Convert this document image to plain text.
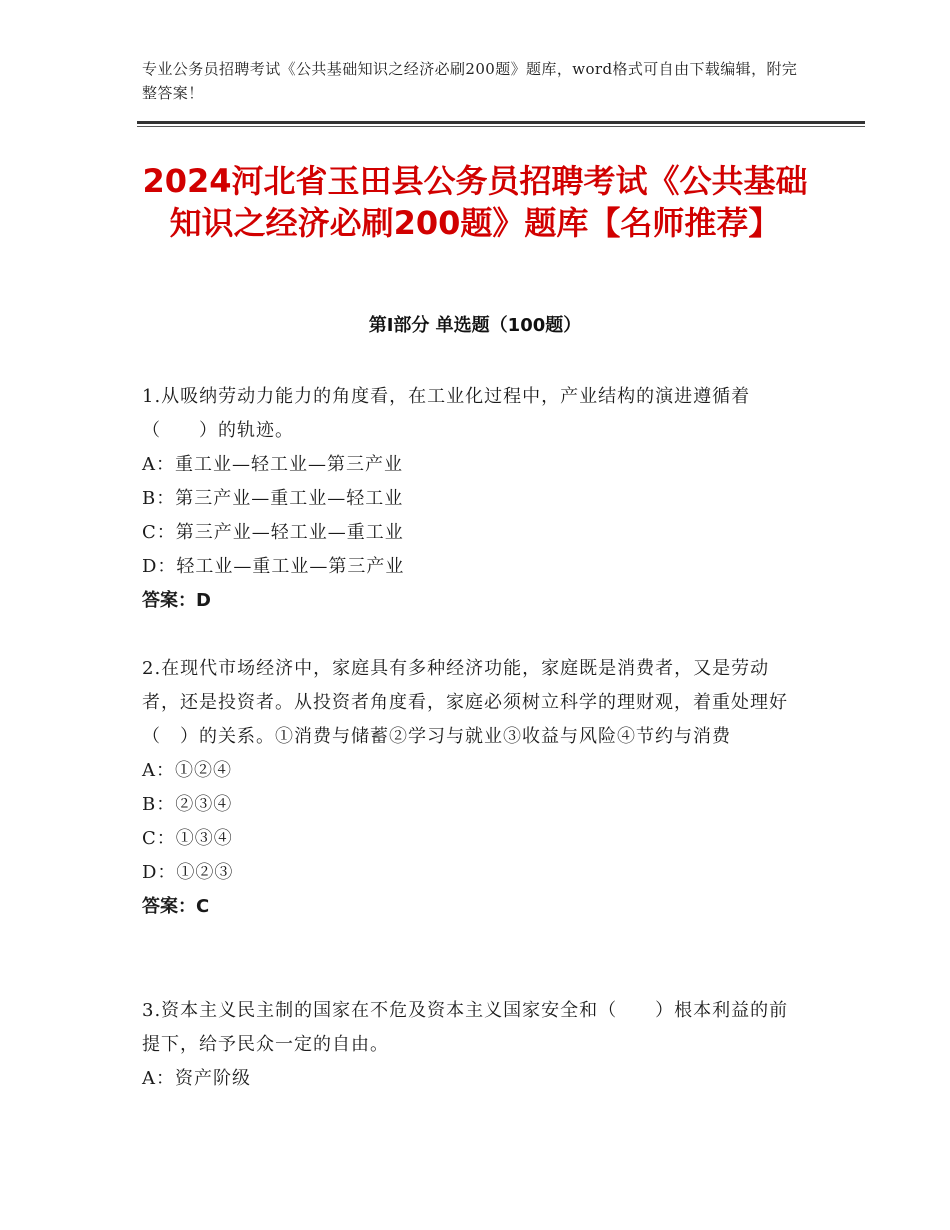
专业公务员招聘考试《公共基础知识之经济必刷200题》题库，word格式可自由下载编辑，附完整答案！
2024河北省玉田县公务员招聘考试《公共基础知识之经济必刷200题》题库【名师推荐】
第Ⅰ部分 单选题（100题）

1.从吸纳劳动力能力的角度看，在工业化过程中，产业结构的演进遵循着（　　）的轨迹。

A：重工业—轻工业—第三产业

B：第三产业—重工业—轻工业

C：第三产业—轻工业—重工业

D：轻工业—重工业—第三产业

答案：D

2.在现代市场经济中，家庭具有多种经济功能，家庭既是消费者，又是劳动者，还是投资者。从投资者角度看，家庭必须树立科学的理财观，着重处理好（　）的关系。①消费与储蓄②学习与就业③收益与风险④节约与消费

A：①②④

B：②③④

C：①③④

D：①②③

答案：C

3.资本主义民主制的国家在不危及资本主义国家安全和（　　）根本利益的前提下，给予民众一定的自由。

A：资产阶级
